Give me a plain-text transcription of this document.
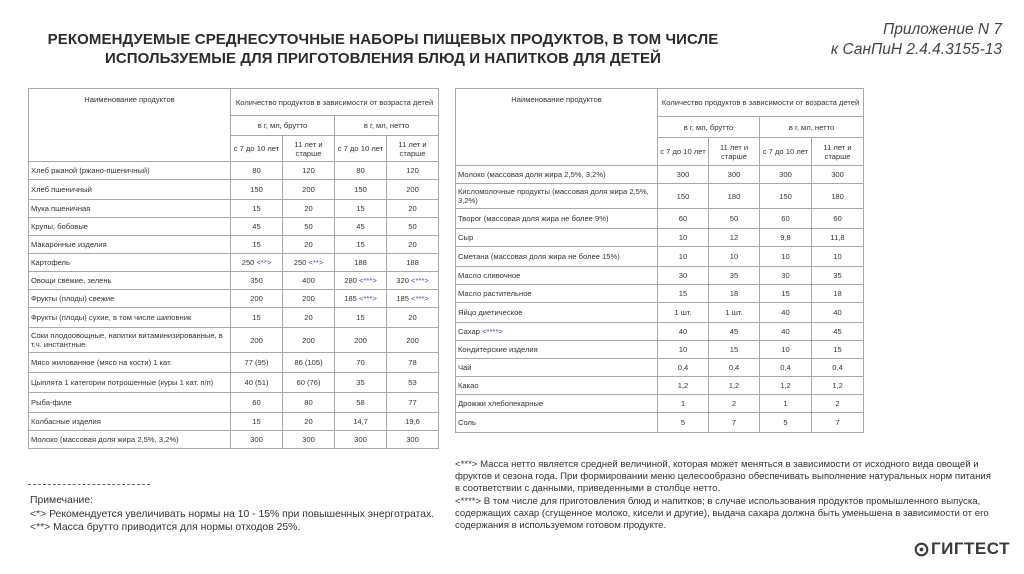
РЕКОМЕНДУЕМЫЕ СРЕДНЕСУТОЧНЫЕ НАБОРЫ ПИЩЕВЫХ ПРОДУКТОВ, В ТОМ ЧИСЛЕ
ИСПОЛЬЗУЕМЫЕ ДЛЯ ПРИГОТОВЛЕНИЯ БЛЮД И НАПИТКОВ ДЛЯ ДЕТЕЙ
Приложение N 7
к СанПиН 2.4.4.3155-13
Наименование продуктов	Количество продуктов в зависимости от возраста детей			
	в г, мл, брутто		в г, мл, нетто	
	с 7 до 10 лет	11 лет и старше	с 7 до 10 лет	11 лет и старше
Хлеб ржаной (ржано-пшеничный)	80	120	80	120
Хлеб пшеничный	150	200	150	200
Мука пшеничная	15	20	15	20
Крупы, бобовые	45	50	45	50
Макаронные изделия	15	20	15	20
Картофель	250 <**>	250 <**>	188	188
Овощи свежие, зелень	350	400	280 <***>	320 <***>
Фрукты (плоды) свежие	200	200	185 <***>	185 <***>
Фрукты (плоды) сухие, в том числе шиповник	15	20	15	20
Соки плодоовощные, напитки витаминизированные, в т.ч. инстантные	200	200	200	200
Мясо жилованное (мясо на кости) 1 кат.	77 (95)	86 (105)	70	78
Цыплята 1 категории потрошенные (куры 1 кат. п/п)	40 (51)	60 (76)	35	53
Рыба-филе	60	80	58	77
Колбасные изделия	15	20	14,7	19,6
Молоко (массовая доля жира 2,5%, 3,2%)	300	300	300	300
Наименование продуктов	Количество продуктов в зависимости от возраста детей			
	в г, мл, брутто		в г, мл, нетто	
	с 7 до 10 лет	11 лет и старше	с 7 до 10 лет	11 лет и старше
Молоко (массовая доля жира 2,5%, 3,2%)	300	300	300	300
Кисломолочные продукты (массовая доля жира 2,5%, 3,2%)	150	180	150	180
Творог (массовая доля жира не более 9%)	60	50	60	60
Сыр	10	12	9,8	11,8
Сметана (массовая доля жира не более 15%)	10	10	10	10
Масло сливочное	30	35	30	35
Масло растительное	15	18	15	18
Яйцо диетическое	1 шт.	1 шт.	40	40
Сахар <****>	40	45	40	45
Кондитерские изделия	10	15	10	15
Чай	0,4	0,4	0,4	0,4
Какао	1,2	1,2	1,2	1,2
Дрожжи хлебопекарные	1	2	1	2
Соль	5	7	5	7
Примечание:
<*> Рекомендуется увеличивать нормы на 10 - 15% при повышенных энерготратах.
<**> Масса брутто приводится для нормы отходов 25%.
<***> Масса нетто является средней величиной, которая может меняться в зависимости от исходного вида овощей и фруктов и сезона года. При формировании меню целесообразно обеспечивать выполнение натуральных норм питания в соответствии с данными, приведенными в столбце нетто.
<****> В том числе для приготовления блюд и напитков; в случае использования продуктов промышленного выпуска, содержащих сахар (сгущенное молоко, кисели и другие), выдача сахара должна быть уменьшена в зависимости от его содержания в используемом готовом продукте.
ГИГТЕСТ
